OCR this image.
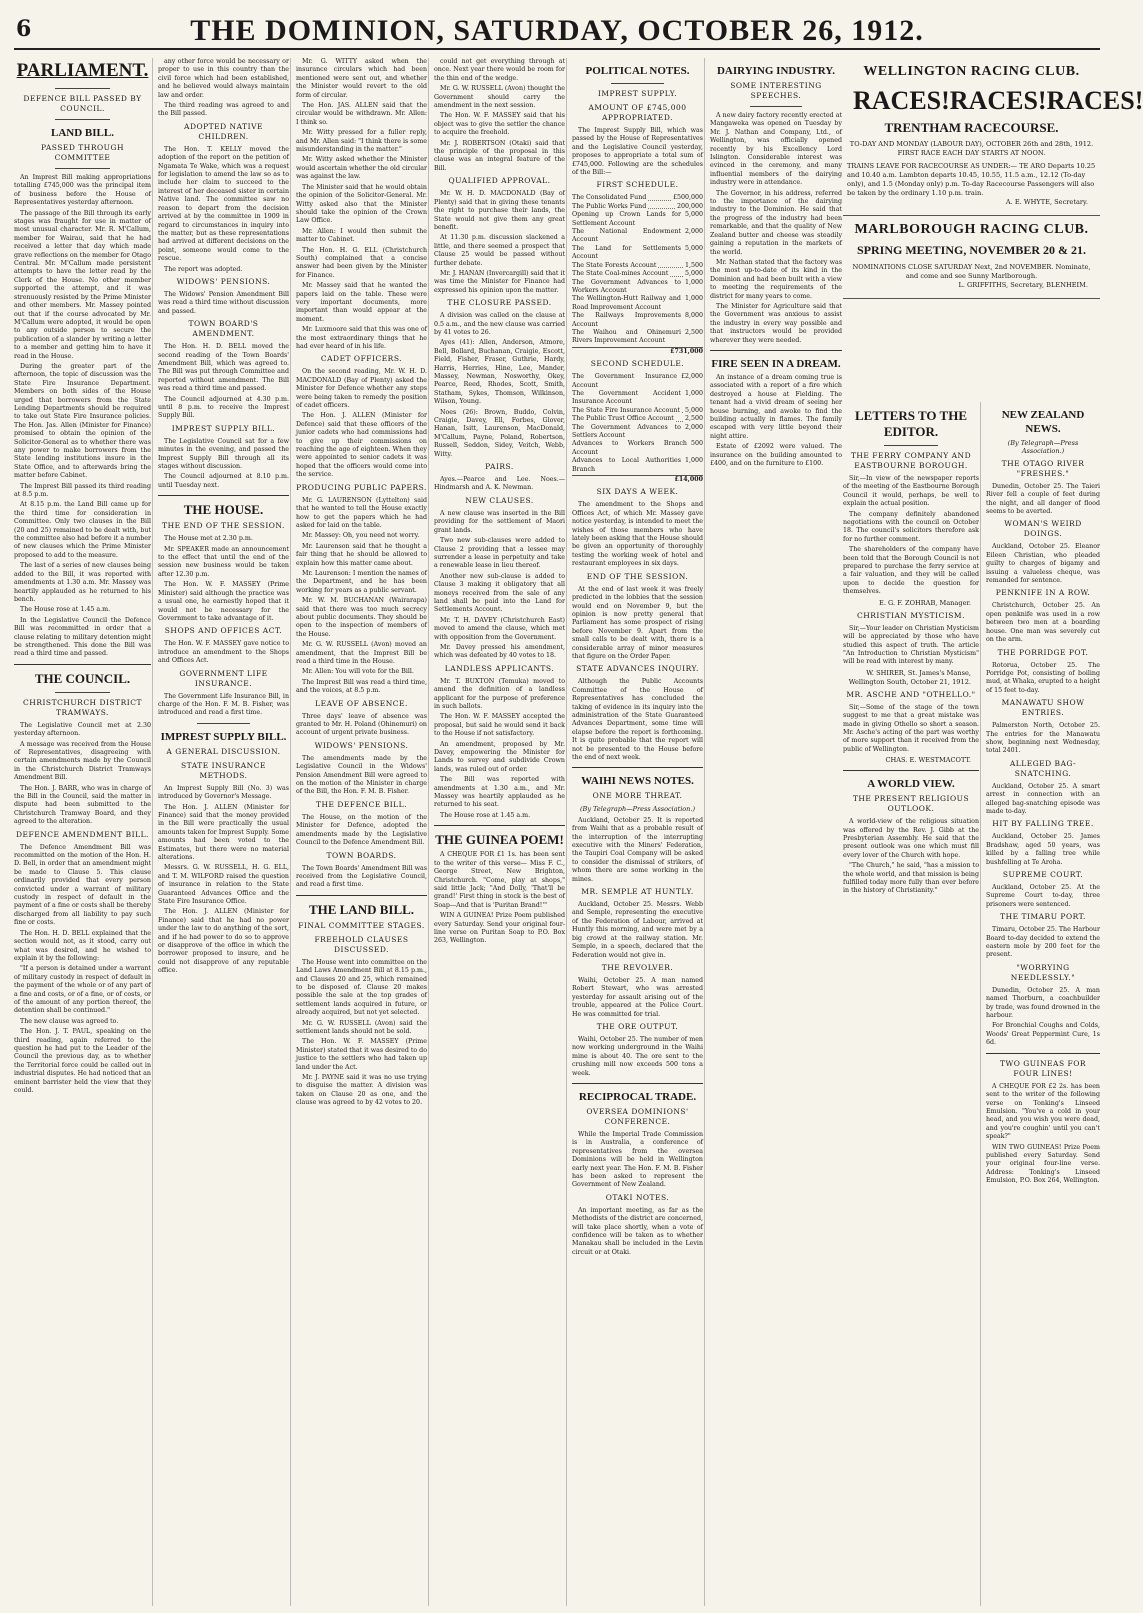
6	THE DOMINION, SATURDAY, OCTOBER 26, 1912.
PARLIAMENT.
DEFENCE BILL PASSED BY COUNCIL.
LAND BILL.
PASSED THROUGH COMMITTEE

An Imprest Bill making appropriations totalling £745,000 was the principal item of business before the House of Representatives yesterday afternoon.

The passage of the Bill through its early stages was fraught for use in matter of most unusual character. Mr. R. M'Callum, member for Wairau, said that he had received a letter that day which made grave reflections on the member for Otago Central. Mr. M'Callum made persistent attempts to have the letter read by the Clerk of the House. No other member supported the attempt, and it was strenuously resisted by the Prime Minister and other members. Mr. Massey pointed out that if the course advocated by Mr. M'Callum were adopted, it would be open to any outside person to secure the publication of a slander by writing a letter to a member and getting him to have it read in the House.

During the greater part of the afternoon, the topic of discussion was the State Fire Insurance Department. Members on both sides of the House urged that borrowers from the State Lending Departments should be required to take out State Fire Insurance policies. The Hon. Jas. Allen (Minister for Finance) promised to obtain the opinion of the Solicitor-General as to whether there was any power to make borrowers from the State lending institutions insure in the State Office, and to afterwards bring the matter before Cabinet.

The Imprest Bill passed its third reading at 8.5 p.m.

At 8.15 p.m. the Land Bill came up for the third time for consideration in Committee. Only two clauses in the Bill (20 and 25) remained to be dealt with, but the committee also had before it a number of new clauses which the Prime Minister proposed to add to the measure.

The last of a series of new clauses being added to the Bill, it was reported with amendments at 1.30 a.m. Mr. Massey was heartily applauded as he returned to his bench.

The House rose at 1.45 a.m.

In the Legislative Council the Defence Bill was recommitted in order that a clause relating to military detention might be strengthened. This done the Bill was read a third time and passed.

THE COUNCIL.
CHRISTCHURCH DISTRICT TRAMWAYS.

The Legislative Council met at 2.30 yesterday afternoon.

A message was received from the House of Representatives, disagreeing with certain amendments made by the Council in the Christchurch District Tramways Amendment Bill.

The Hon. J. BARR, who was in charge of the Bill in the Council, said the matter in dispute had been submitted to the Christchurch Tramway Board, and they agreed to the alteration.

DEFENCE AMENDMENT BILL.

The Defence Amendment Bill was recommitted on the motion of the Hon. H. D. Bell, in order that an amendment might be made to Clause 5. This clause ordinarily provided that every person convicted under a warrant of military custody in respect of default in the payment of a fine or costs shall be thereby discharged from all liability to pay such fine or costs.

The Hon. H. D. BELL explained that the section would not, as it stood, carry out what was desired, and he wished to explain it by the following:

"If a person is detained under a warrant of military custody in respect of default in the payment of the whole or of any part of a fine and costs, or of a fine, or of costs, or of the amount of any portion thereof, the detention shall be continued."

The new clause was agreed to.

The Hon. J. T. PAUL, speaking on the third reading, again referred to the question he had put to the Leader of the Council the previous day, as to whether the Territorial force could be called out in industrial disputes. He had noticed that an eminent barrister held the view that they could.

any other force would be necessary or proper to use in this country than the civil force which had been established, and he believed would always maintain law and order.

The third reading was agreed to and the Bill passed.

ADOPTED NATIVE CHILDREN.

The Hon. T. KELLY moved the adoption of the report on the petition of Ngamata Te Wake, which was a request for legislation to amend the law so as to include her claim to succeed to the interest of her deceased sister in certain Native land. The committee saw no reason to depart from the decision arrived at by the committee in 1909 in regard to circumstances in inquiry into the matter, but as these representations had arrived at different decisions on the point, someone would come to the rescue.

The report was adopted.

WIDOWS' PENSIONS.

The Widows' Pension Amendment Bill was read a third time without discussion and passed.

TOWN BOARD'S AMENDMENT.

The Hon. H. D. BELL moved the second reading of the Town Boards' Amendment Bill, which was agreed to. The Bill was put through Committee and reported without amendment. The Bill was read a third time and passed.

The Council adjourned at 4.30 p.m. until 8 p.m. to receive the Imprest Supply Bill.

IMPREST SUPPLY BILL.

The Legislative Council sat for a few minutes in the evening, and passed the Imprest Supply Bill through all its stages without discussion.

The Council adjourned at 8.10 p.m. until Tuesday next.

THE HOUSE.
THE END OF THE SESSION.

The House met at 2.30 p.m.

Mr. SPEAKER made an announcement to the effect that until the end of the session new business would be taken after 12.30 p.m.

The Hon. W. F. MASSEY (Prime Minister) said although the practice was a usual one, he earnestly hoped that it would not be necessary for the Government to take advantage of it.

SHOPS AND OFFICES ACT.

The Hon. W. F. MASSEY gave notice to introduce an amendment to the Shops and Offices Act.

GOVERNMENT LIFE INSURANCE.

The Government Life Insurance Bill, in charge of the Hon. F. M. B. Fisher, was introduced and read a first time.

IMPREST SUPPLY BILL.
A GENERAL DISCUSSION.
STATE INSURANCE METHODS.

An Imprest Supply Bill (No. 3) was introduced by Governor's Message.

The Hon. J. ALLEN (Minister for Finance) said that the money provided in the Bill were practically the usual amounts taken for Imprest Supply. Some amounts had been voted to the Estimates, but there were no material alterations.

Messrs. G. W. RUSSELL, H. G. ELL, and T. M. WILFORD raised the question of insurance in relation to the State Guaranteed Advances Office and the State Fire Insurance Office.

The Hon. J. ALLEN (Minister for Finance) said that he had no power under the law to do anything of the sort, and if he had power to do so to approve or disapprove of the office in which the borrower proposed to insure, and he could not disapprove of any reputable office.

Mr. G. WITTY asked when the insurance circulars which had been mentioned were sent out, and whether the Minister would revert to the old form of circular.

The Hon. JAS. ALLEN said that the circular would be withdrawn. Mr. Allen: I think so.

Mr. Witty pressed for a fuller reply, and Mr. Allen said: "I think there is some misunderstanding in the matter."

Mr. Witty asked whether the Minister would ascertain whether the old circular was against the law.

The Minister said that he would obtain the opinion of the Solicitor-General. Mr. Witty asked also that the Minister should take the opinion of the Crown Law Office.

Mr. Allen: I would then submit the matter to Cabinet.

The Hon. H. G. ELL (Christchurch South) complained that a concise answer had been given by the Minister for Finance.

Mr. Massey said that he wanted the papers laid on the table. These were very important documents, more important than would appear at the moment.

Mr. Luxmoore said that this was one of the most extraordinary things that he had ever heard of in his life.

CADET OFFICERS.

On the second reading, Mr. W. H. D. MACDONALD (Bay of Plenty) asked the Minister for Defence whether any steps were being taken to remedy the position of cadet officers.

The Hon. J. ALLEN (Minister for Defence) said that these officers of the junior cadets who had commissions had to give up their commissions on reaching the age of eighteen. When they were appointed to senior cadets it was hoped that the officers would come into the service.

PRODUCING PUBLIC PAPERS.

Mr. G. LAURENSON (Lyttelton) said that he wanted to tell the House exactly how to get the papers which he had asked for laid on the table.

Mr. Massey: Oh, you need not worry.

Mr. Laurenson said that he thought a fair thing that he should be allowed to explain how this matter came about.

Mr. Laurenson: I mention the names of the Department, and he has been working for years as a public servant.

Mr. W. M. BUCHANAN (Wairarapa) said that there was too much secrecy about public documents. They should be open to the inspection of members of the House.

Mr. G. W. RUSSELL (Avon) moved an amendment, that the Imprest Bill be read a third time in the House.

Mr. Allen: You will vote for the Bill.

The Imprest Bill was read a third time, and the voices, at 8.5 p.m.

LEAVE OF ABSENCE.

Three days' leave of absence was granted to Mr. H. Poland (Ohinemuri) on account of urgent private business.

WIDOWS' PENSIONS.

The amendments made by the Legislative Council in the Widows' Pension Amendment Bill were agreed to on the motion of the Minister in charge of the Bill, the Hon. F. M. B. Fisher.

THE DEFENCE BILL.

The House, on the motion of the Minister for Defence, adopted the amendments made by the Legislative Council to the Defence Amendment Bill.

TOWN BOARDS.

The Town Boards' Amendment Bill was received from the Legislative Council, and read a first time.

THE LAND BILL.
FINAL COMMITTEE STAGES.
FREEHOLD CLAUSES DISCUSSED.

The House went into committee on the Land Laws Amendment Bill at 8.15 p.m., and Clauses 20 and 25, which remained to be disposed of. Clause 20 makes possible the sale at the top grades of settlement lands acquired in future, or already acquired, but not yet selected.

Mr. G. W. RUSSELL (Avon) said the settlement lands should not be sold.

The Hon. W. F. MASSEY (Prime Minister) stated that it was desired to do justice to the settlers who had taken up land under the Act.

Mr. J. PAYNE said it was no use trying to disguise the matter. A division was taken on Clause 20 as one, and the clause was agreed to by 42 votes to 20.

could not get everything through at once. Next year there would be room for the thin end of the wedge.

Mr. G. W. RUSSELL (Avon) thought the Government should carry the amendment in the next session.

The Hon. W. F. MASSEY said that his object was to give the settler the chance to acquire the freehold.

Mr. J. ROBERTSON (Otaki) said that the principle of the proposal in this clause was an integral feature of the Bill.

QUALIFIED APPROVAL.

Mr. W. H. D. MACDONALD (Bay of Plenty) said that in giving these tenants the right to purchase their lands, the State would not give them any great benefit.

At 11.30 p.m. discussion slackened a little, and there seemed a prospect that Clause 25 would be passed without further debate.

Mr. J. HANAN (Invercargill) said that it was time the Minister for Finance had expressed his opinion upon the matter.

THE CLOSURE PASSED.

A division was called on the clause at 0.5 a.m., and the new clause was carried by 41 votes to 26.

Ayes (41): Allen, Anderson, Atmore, Bell, Bollard, Buchanan, Craigie, Escott, Field, Fisher, Fraser, Guthrie, Hardy, Harris, Herries, Hine, Lee, Mander, Massey, Newman, Nosworthy, Okey, Pearce, Reed, Rhodes, Scott, Smith, Statham, Sykes, Thomson, Wilkinson, Wilson, Young.

Noes (26): Brown, Buddo, Colvin, Craigie, Davey, Ell, Forbes, Glover, Hanan, Isitt, Laurenson, MacDonald, M'Callum, Payne, Poland, Robertson, Russell, Seddon, Sidey, Veitch, Webb, Witty.

PAIRS.

Ayes.—Pearce and Lee. Noes.—Hindmarsh and A. K. Newman.

NEW CLAUSES.

A new clause was inserted in the Bill providing for the settlement of Maori grant lands.

Two new sub-clauses were added to Clause 2 providing that a lessee may surrender a lease in perpetuity and take a renewable lease in lieu thereof.

Another new sub-clause is added to Clause 3 making it obligatory that all moneys received from the sale of any land shall be paid into the Land for Settlements Account.

Mr. T. H. DAVEY (Christchurch East) moved to amend the clause, which met with opposition from the Government.

Mr. Davey pressed his amendment, which was defeated by 40 votes to 18.

LANDLESS APPLICANTS.

Mr. T. BUXTON (Temuka) moved to amend the definition of a landless applicant for the purpose of preference in such ballots.

The Hon. W. F. MASSEY accepted the proposal, but said he would send it back to the House if not satisfactory.

An amendment, proposed by Mr. Davey, empowering the Minister for Lands to survey and subdivide Crown lands, was ruled out of order.

The Bill was reported with amendments at 1.30 a.m., and Mr. Massey was heartily applauded as he returned to his seat.

The House rose at 1.45 a.m.

THE GUINEA POEM!

A CHEQUE FOR £1 1s. has been sent to the writer of this verse— Miss F. C., George Street, New Brighton, Christchurch. "Come, play at shops," said little Jack; "And Dolly, 'That'll be grand!' First thing in stock is the best of Soap—And that is 'Puritan Brand!'"

WIN A GUINEA! Prize Poem published every Saturday. Send your original four-line verse on Puritan Soap to P.O. Box 263, Wellington.

POLITICAL NOTES.
IMPREST SUPPLY.
AMOUNT OF £745,000 APPROPRIATED.

The Imprest Supply Bill, which was passed by the House of Representatives and the Legislative Council yesterday, proposes to appropriate a total sum of £745,000. Following are the schedules of the Bill:—

FIRST SCHEDULE.
The Consolidated Fund	£500,000
The Public Works Fund	200,000
Opening up Crown Lands for Settlement Account
5,000
The National Endowment Account
2,000
The Land for Settlements Account
5,000
The State Forests Account	1,500
The State Coal-mines Account	5,000
The Government Advances to Workers Account
1,000
The Wellington-Hutt Railway and Road Improvement Account
1,000
The Railways Improvements Account
8,000
The Waihou and Ohinemuri Rivers Improvement Account
2,500
£731,000
SECOND SCHEDULE.
The Government Insurance Account
£2,000
The Government Accident Insurance Account
1,000
The State Fire Insurance Account 5,000
The Public Trust Office Account 2,500
The Government Advances to Settlers Account
2,000
Advances to Workers Branch Account
500
Advances to Local Authorities Branch
1,000
£14,000
SIX DAYS A WEEK.

The amendment to the Shops and Offices Act, of which Mr. Massey gave notice yesterday, is intended to meet the wishes of those members who have lately been asking that the House should be given an opportunity of thoroughly testing the working week of hotel and restaurant employees in six days.

END OF THE SESSION.

At the end of last week it was freely predicted in the lobbies that the session would end on November 9, but the opinion is now pretty general that Parliament has some prospect of rising before November 9. Apart from the small calls to be dealt with, there is a considerable array of minor measures that figure on the Order Paper.

STATE ADVANCES INQUIRY.

Although the Public Accounts Committee of the House of Representatives has concluded the taking of evidence in its inquiry into the administration of the State Guaranteed Advances Department, some time will elapse before the report is forthcoming. It is quite probable that the report will not be presented to the House before the end of next week.

WAIHI NEWS NOTES.
ONE MORE THREAT.
(By Telegraph—Press Association.)

Auckland, October 25. It is reported from Waihi that as a probable result of the interruption of the interrupting executive with the Miners' Federation, the Taupiri Coal Company will be asked to consider the dismissal of strikers, of whom there are some working in the mines.

MR. SEMPLE AT HUNTLY.

Auckland, October 25. Messrs. Webb and Semple, representing the executive of the Federation of Labour, arrived at Huntly this morning, and were met by a big crowd at the railway station. Mr. Semple, in a speech, declared that the Federation would not give in.

THE REVOLVER.

Waihi, October 25. A man named Robert Stewart, who was arrested yesterday for assault arising out of the trouble, appeared at the Police Court. He was committed for trial.

THE ORE OUTPUT.

Waihi, October 25. The number of men now working underground in the Waihi mine is about 40. The ore sent to the crushing mill now exceeds 500 tons a week.

RECIPROCAL TRADE.
OVERSEA DOMINIONS' CONFERENCE.

While the Imperial Trade Commission is in Australia, a conference of representatives from the oversea Dominions will be held in Wellington early next year. The Hon. F. M. B. Fisher has been asked to represent the Government of New Zealand.

OTAKI NOTES.

An important meeting, as far as the Methodists of the district are concerned, will take place shortly, when a vote of confidence will be taken as to whether Manakau shall be included in the Levin circuit or at Otaki.

DAIRYING INDUSTRY.
SOME INTERESTING SPEECHES.

A new dairy factory recently erected at Mangaweka was opened on Tuesday by Mr. J. Nathan and Company, Ltd., of Wellington, was officially opened recently by his Excellency Lord Islington. Considerable interest was evinced in the ceremony, and many influential members of the dairying industry were in attendance.

The Governor, in his address, referred to the importance of the dairying industry to the Dominion. He said that the progress of the industry had been remarkable, and that the quality of New Zealand butter and cheese was steadily gaining a reputation in the markets of the world.

Mr. Nathan stated that the factory was the most up-to-date of its kind in the Dominion and had been built with a view to meeting the requirements of the district for many years to come.

The Minister for Agriculture said that the Government was anxious to assist the industry in every way possible and that instructors would be provided wherever they were needed.

FIRE SEEN IN A DREAM.

An instance of a dream coming true is associated with a report of a fire which destroyed a house at Fielding. The tenant had a vivid dream of seeing her house burning, and awoke to find the building actually in flames. The family escaped with very little beyond their night attire.

Estate of £2092 were valued. The insurance on the building amounted to £400, and on the furniture to £100.

WELLINGTON RACING CLUB.
RACES! RACES! RACES!
TRENTHAM RACECOURSE.
TO-DAY AND MONDAY (LABOUR DAY), OCTOBER 26th and 28th, 1912. FIRST RACE EACH DAY STARTS AT NOON.
TRAINS LEAVE FOR RACECOURSE AS UNDER:— TE ARO Departs 10.25 and 10.40 a.m. Lambton departs 10.45, 10.55, 11.5 a.m., 12.12 (To-day only), and 1.5 (Monday only) p.m. To-day Racecourse Passengers will also be taken by the ordinary 1.10 p.m. train.
A. E. WHYTE, Secretary.
MARLBOROUGH RACING CLUB.
SPRING MEETING, NOVEMBER 20 & 21.
NOMINATIONS CLOSE SATURDAY Next, 2nd NOVEMBER. Nominate, and come and see Sunny Marlborough.
L. GRIFFITHS, Secretary, BLENHEIM.
LETTERS TO THE EDITOR.
THE FERRY COMPANY AND EASTBOURNE BOROUGH.

Sir,—In view of the newspaper reports of the meeting of the Eastbourne Borough Council it would, perhaps, be well to explain the actual position.

The company definitely abandoned negotiations with the council on October 18. The council's solicitors therefore ask for no further comment.

The shareholders of the company have been told that the Borough Council is not prepared to purchase the ferry service at a fair valuation, and they will be called upon to decide the question for themselves.

E. G. F. ZOHRAB, Manager.
CHRISTIAN MYSTICISM.

Sir,—Your leader on Christian Mysticism will be appreciated by those who have studied this aspect of truth. The article "An Introduction to Christian Mysticism" will be read with interest by many.

W. SHIRER, St. James's Manse, Wellington South, October 21, 1912.
MR. ASCHE AND "OTHELLO."

Sir,—Some of the stage of the town suggest to me that a great mistake was made in giving Othello so short a season. Mr. Asche's acting of the part was worthy of more support than it received from the public of Wellington.

CHAS. E. WESTMACOTT.
A WORLD VIEW.
THE PRESENT RELIGIOUS OUTLOOK.

A world-view of the religious situation was offered by the Rev. J. Gibb at the Presbyterian Assembly. He said that the present outlook was one which must fill every lover of the Church with hope.

"The Church," he said, "has a mission to the whole world, and that mission is being fulfilled today more fully than ever before in the history of Christianity."

NEW ZEALAND NEWS.
(By Telegraph—Press Association.)
THE OTAGO RIVER "FRESHES."

Dunedin, October 25. The Taieri River fell a couple of feet during the night, and all danger of flood seems to be averted.

WOMAN'S WEIRD DOINGS.

Auckland, October 25. Eleanor Eileen Christian, who pleaded guilty to charges of bigamy and issuing a valueless cheque, was remanded for sentence.

PENKNIFE IN A ROW.

Christchurch, October 25. An open penknife was used in a row between two men at a boarding house. One man was severely cut on the arm.

THE PORRIDGE POT.

Rotorua, October 25. The Porridge Pot, consisting of boiling mud, at Whaka, erupted to a height of 15 feet to-day.

MANAWATU SHOW ENTRIES.

Palmerston North, October 25. The entries for the Manawatu show, beginning next Wednesday, total 2401.

ALLEGED BAG-SNATCHING.

Auckland, October 25. A smart arrest in connection with an alleged bag-snatching episode was made to-day.

HIT BY FALLING TREE.

Auckland, October 25. James Bradshaw, aged 50 years, was killed by a falling tree while bushfelling at Te Aroha.

SUPREME COURT.

Auckland, October 25. At the Supreme Court to-day, three prisoners were sentenced.

THE TIMARU PORT.

Timaru, October 25. The Harbour Board to-day decided to extend the eastern mole by 200 feet for the present.

"WORRYING NEEDLESSLY."

Dunedin, October 25. A man named Thorburn, a coachbuilder by trade, was found drowned in the harbour.

For Bronchial Coughs and Colds, Woods' Great Peppermint Cure, 1s 6d.

TWO GUINEAS FOR FOUR LINES!

A CHEQUE FOR £2 2s. has been sent to the writer of the following verse on Tonking's Linseed Emulsion. "You've a cold in your head, and you wish you were dead, and you're coughin' until you can't speak?"

WIN TWO GUINEAS! Prize Poem published every Saturday. Send your original four-line verse. Address: Tonking's Linseed Emulsion, P.O. Box 264, Wellington.
